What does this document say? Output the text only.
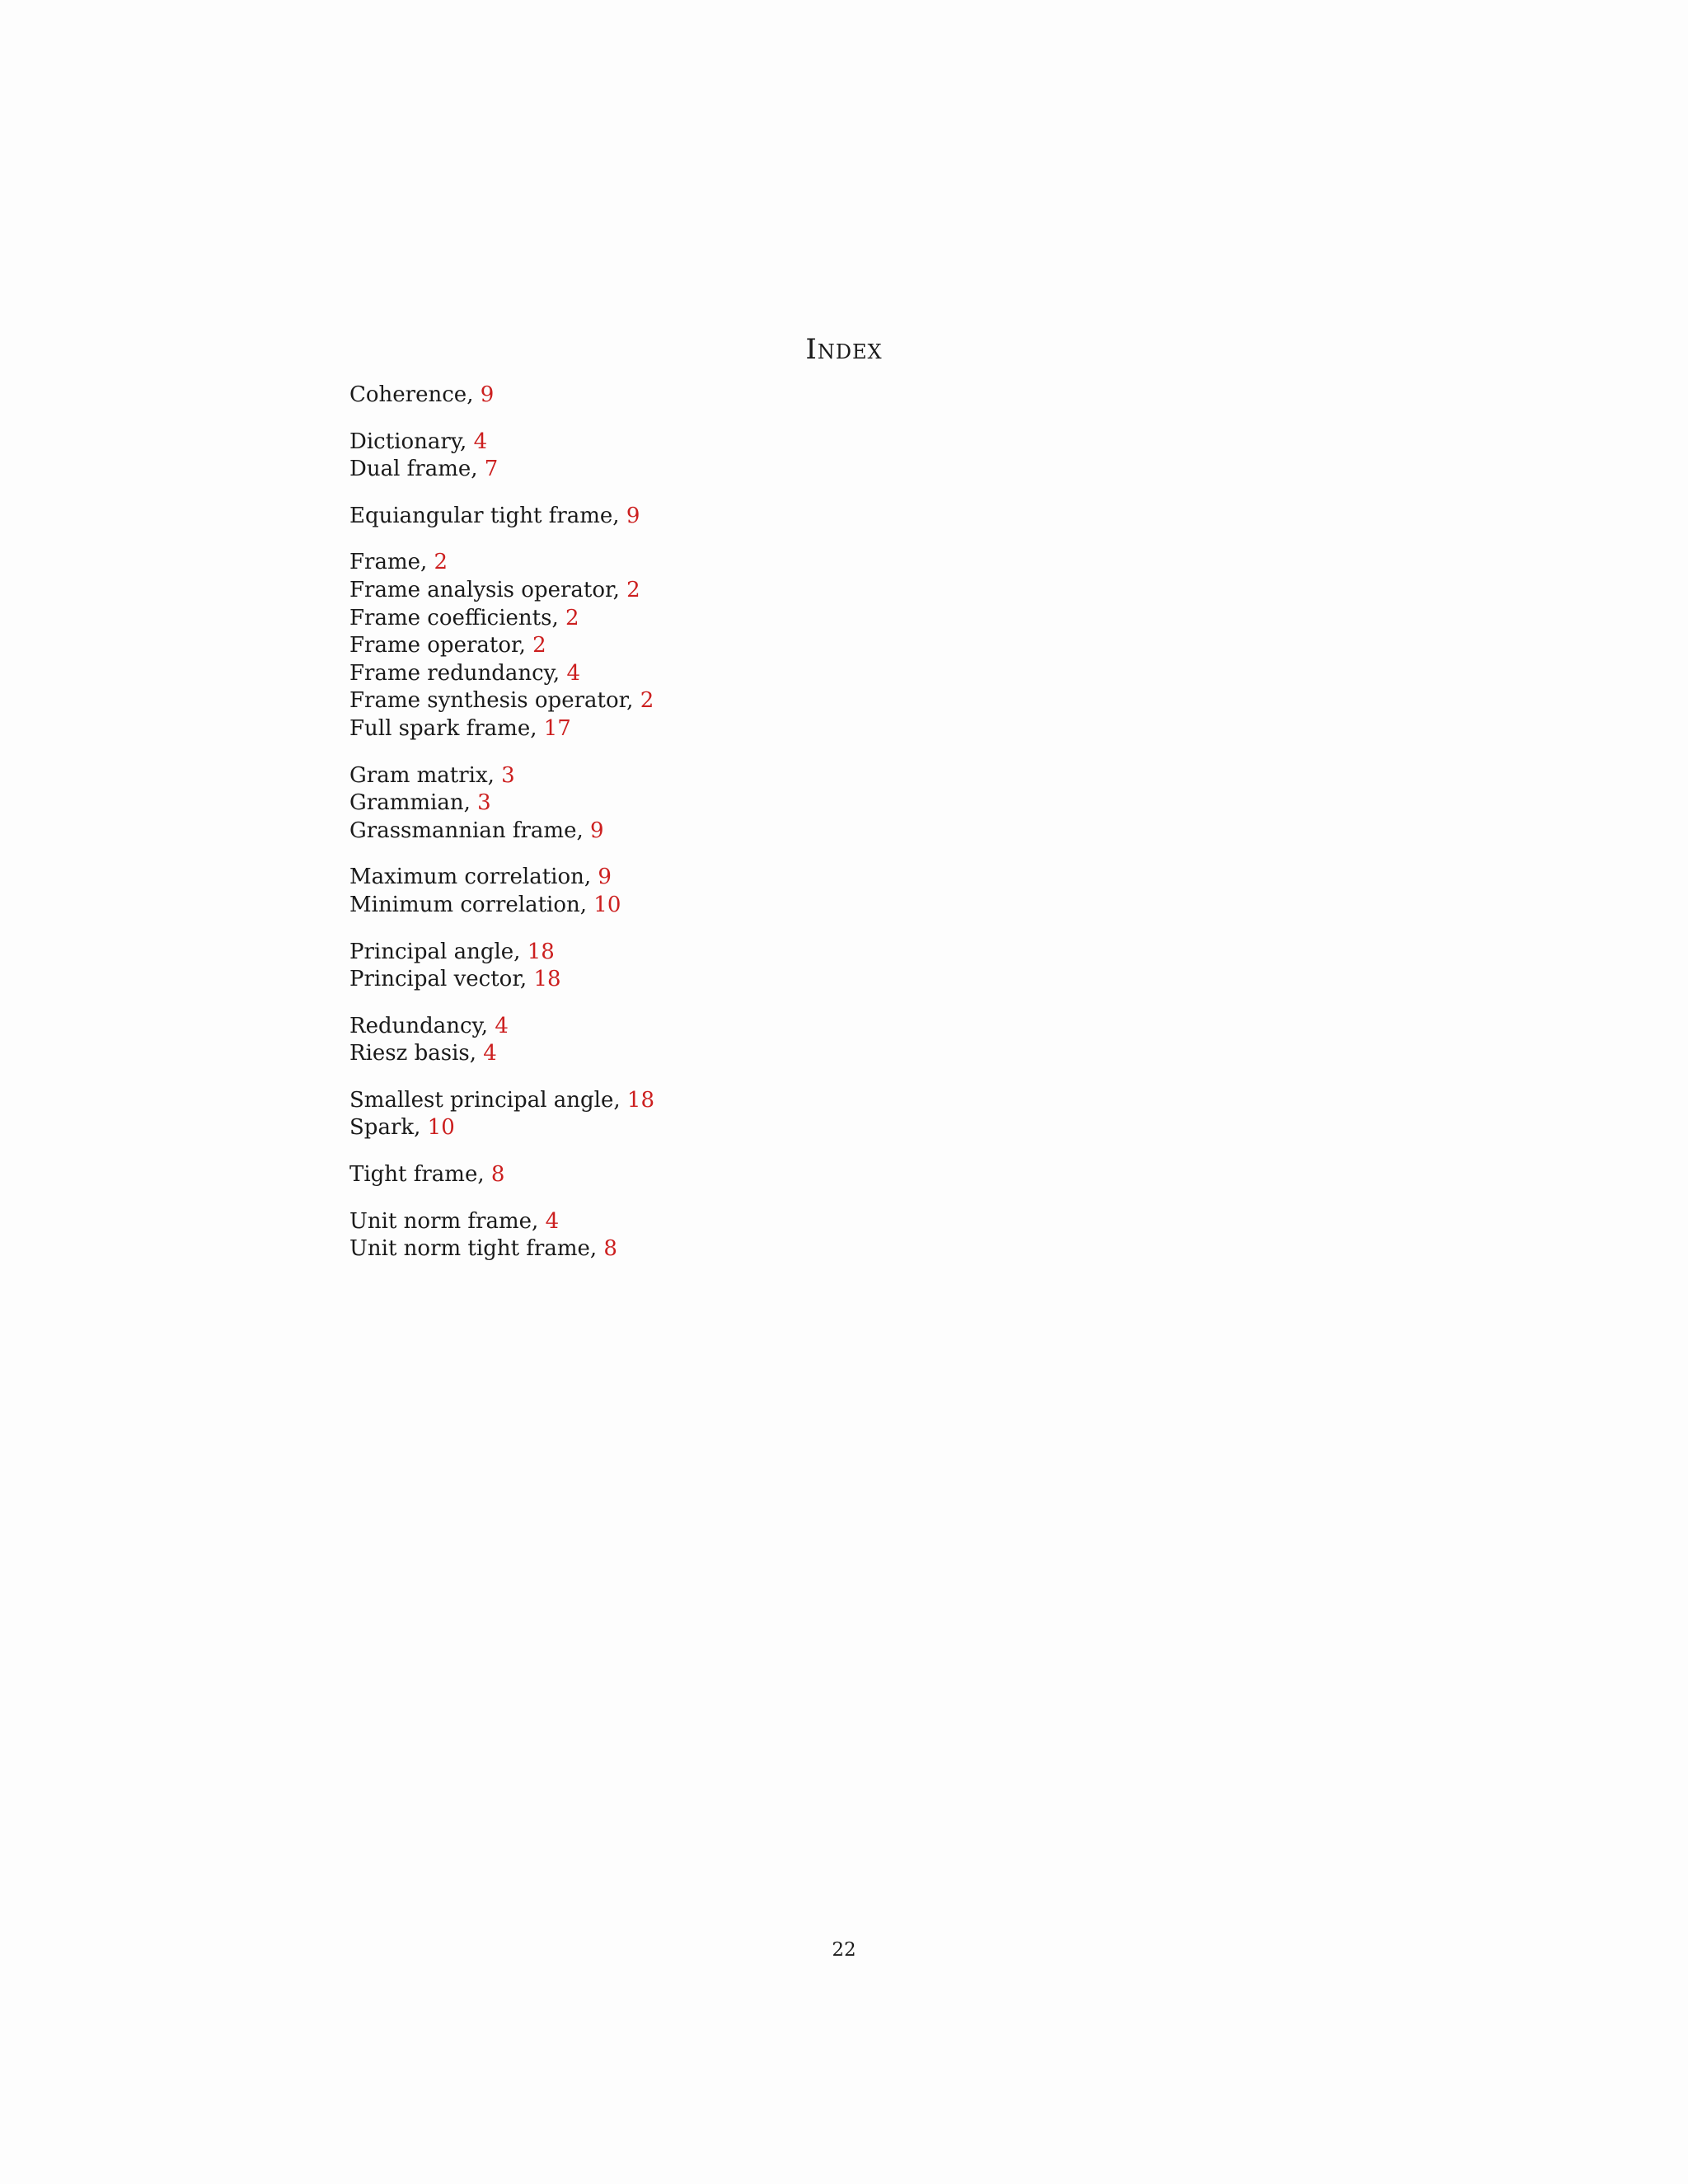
Index
Coherence, 9
Dictionary, 4
Dual frame, 7
Equiangular tight frame, 9
Frame, 2
Frame analysis operator, 2
Frame coefficients, 2
Frame operator, 2
Frame redundancy, 4
Frame synthesis operator, 2
Full spark frame, 17
Gram matrix, 3
Grammian, 3
Grassmannian frame, 9
Maximum correlation, 9
Minimum correlation, 10
Principal angle, 18
Principal vector, 18
Redundancy, 4
Riesz basis, 4
Smallest principal angle, 18
Spark, 10
Tight frame, 8
Unit norm frame, 4
Unit norm tight frame, 8
22
